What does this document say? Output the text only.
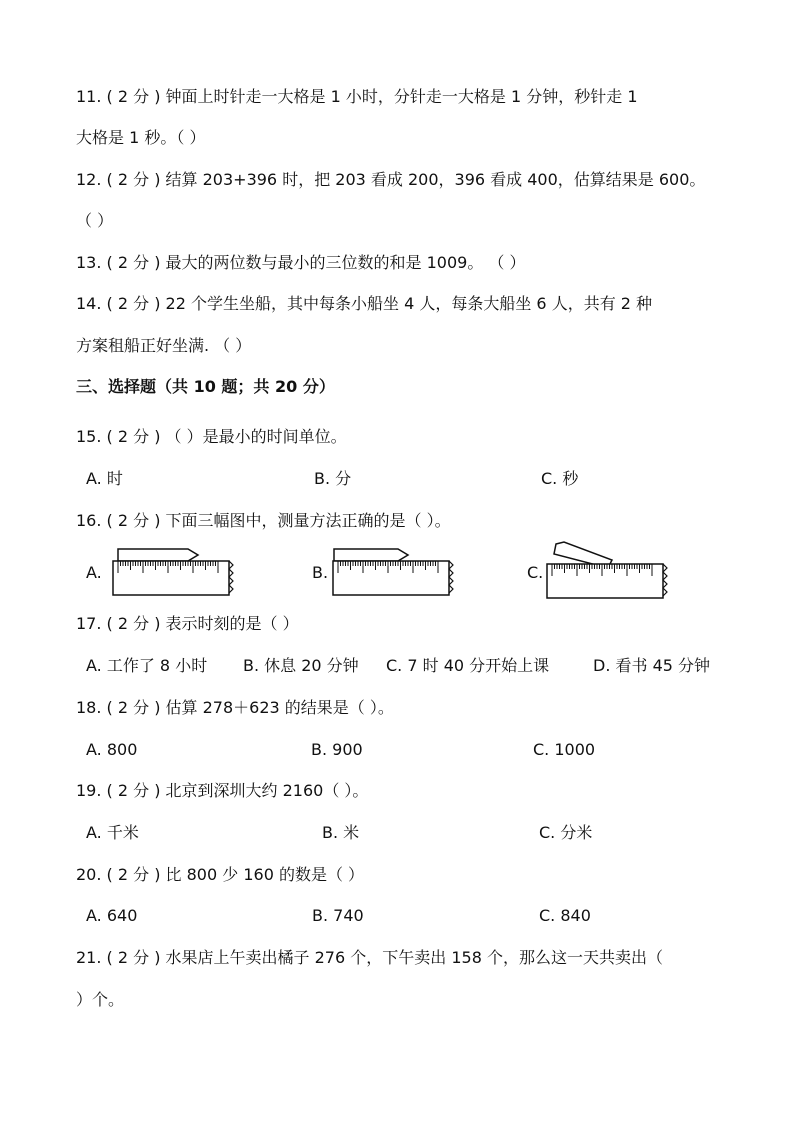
11. ( 2 分 ) 钟面上时针走一大格是 1 小时，分针走一大格是 1 分钟，秒针走 1
大格是 1 秒。（ ）
12. ( 2 分 ) 结算 203+396 时，把 203 看成 200，396 看成 400，估算结果是 600。
（ ）
13. ( 2 分 ) 最大的两位数与最小的三位数的和是 1009。 （ ）
14. ( 2 分 ) 22 个学生坐船，其中每条小船坐 4 人，每条大船坐 6 人，共有 2 种
方案租船正好坐满. （ ）
三、选择题（共 10 题；共 20 分）
15. ( 2 分 ) （ ）是最小的时间单位。
A. 时	B. 分	C. 秒
16. ( 2 分 ) 下面三幅图中，测量方法正确的是（ ）。
A.	B.	C.
17. ( 2 分 ) 表示时刻的是（ ）
A. 工作了 8 小时 B. 休息 20 分钟 C. 7 时 40 分开始上课	D. 看书 45 分钟
18. ( 2 分 ) 估算 278＋623 的结果是（ ）。
A. 800	B. 900	C. 1000
19. ( 2 分 ) 北京到深圳大约 2160（ ）。
A. 千米	B. 米	C. 分米
20. ( 2 分 ) 比 800 少 160 的数是（ ）
A. 640	B. 740	C. 840
21. ( 2 分 ) 水果店上午卖出橘子 276 个，下午卖出 158 个，那么这一天共卖出（
）个。
